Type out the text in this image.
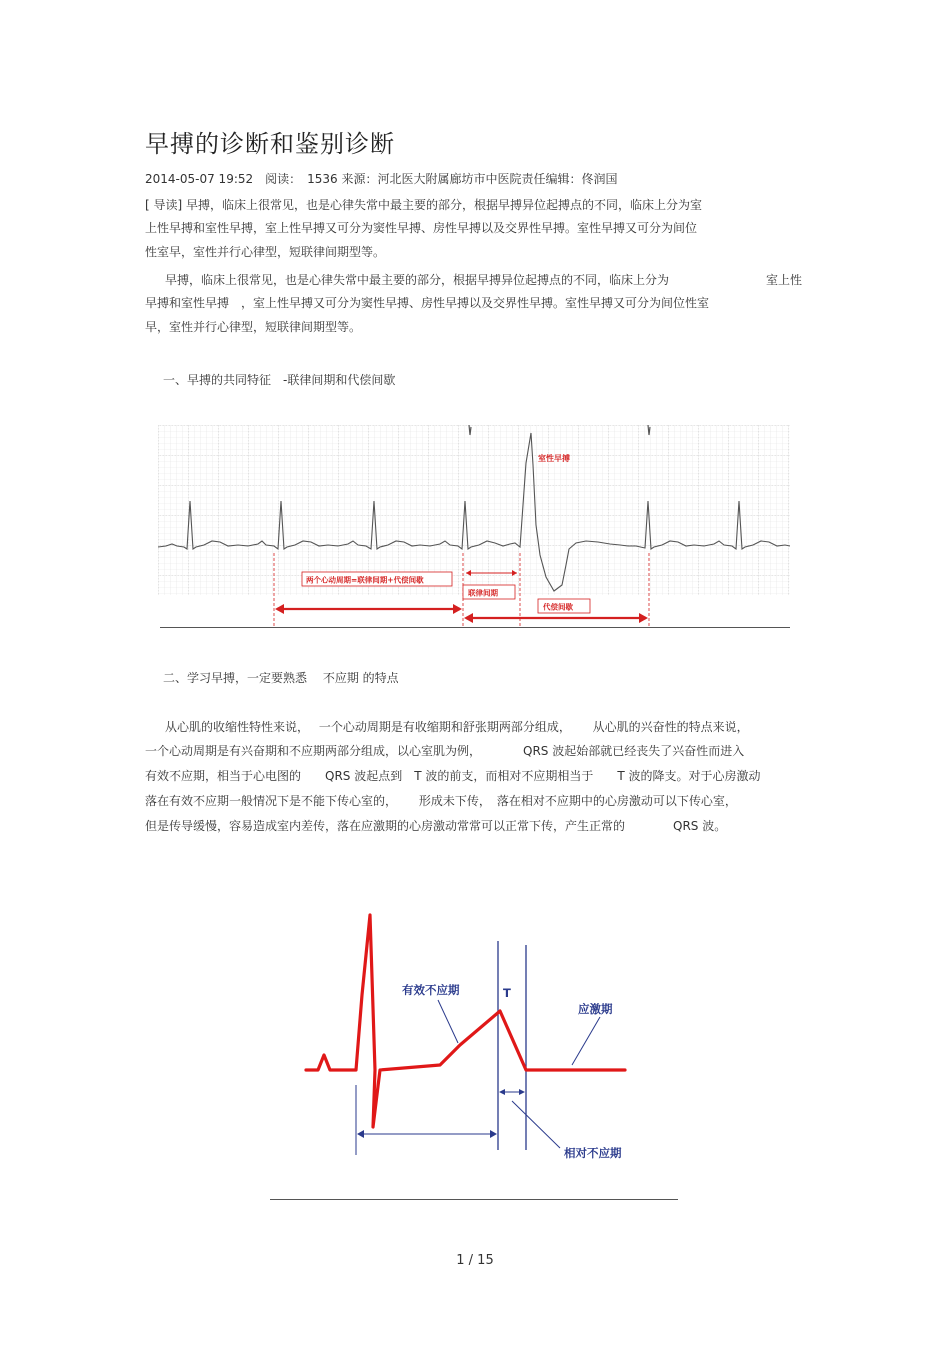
早搏的诊断和鉴别诊断
2014-05-07 19:52　阅读：　1536 来源：河北医大附属廊坊市中医院责任编辑：佟润国
[ 导读] 早搏，临床上很常见，也是心律失常中最主要的部分，根据早搏异位起搏点的不同，临床上分为室
上性早搏和室性早搏，室上性早搏又可分为窦性早搏、房性早搏以及交界性早搏。室性早搏又可分为间位
性室早，室性并行心律型，短联律间期型等。
早搏，临床上很常见，也是心律失常中最主要的部分，根据早搏异位起搏点的不同，临床上分为	室上性
早搏和室性早搏　，室上性早搏又可分为窦性早搏、房性早搏以及交界性早搏。室性早搏又可分为间位性室
早，室性并行心律型，短联律间期型等。
一、早搏的共同特征　-联律间期和代偿间歇
室性早搏
两个心动周期=联律间期+代偿间歇
联律间期
代偿间歇
二、学习早搏，一定要熟悉　 不应期 的特点
从心肌的收缩性特性来说，　 一个心动周期是有收缩期和舒张期两部分组成，　　 从心肌的兴奋性的特点来说，
一个心动周期是有兴奋期和不应期两部分组成，以心室肌为例，　　　　QRS 波起始部就已经丧失了兴奋性而进入
有效不应期，相当于心电图的　　QRS 波起点到　T 波的前支，而相对不应期相当于　　T 波的降支。对于心房激动
落在有效不应期一般情况下是不能下传心室的，　　 形成未下传，　落在相对不应期中的心房激动可以下传心室，
但是传导缓慢，容易造成室内差传，落在应激期的心房激动常常可以正常下传，产生正常的　　　　QRS 波。
有效不应期	T
应激期
相对不应期
1 / 15
